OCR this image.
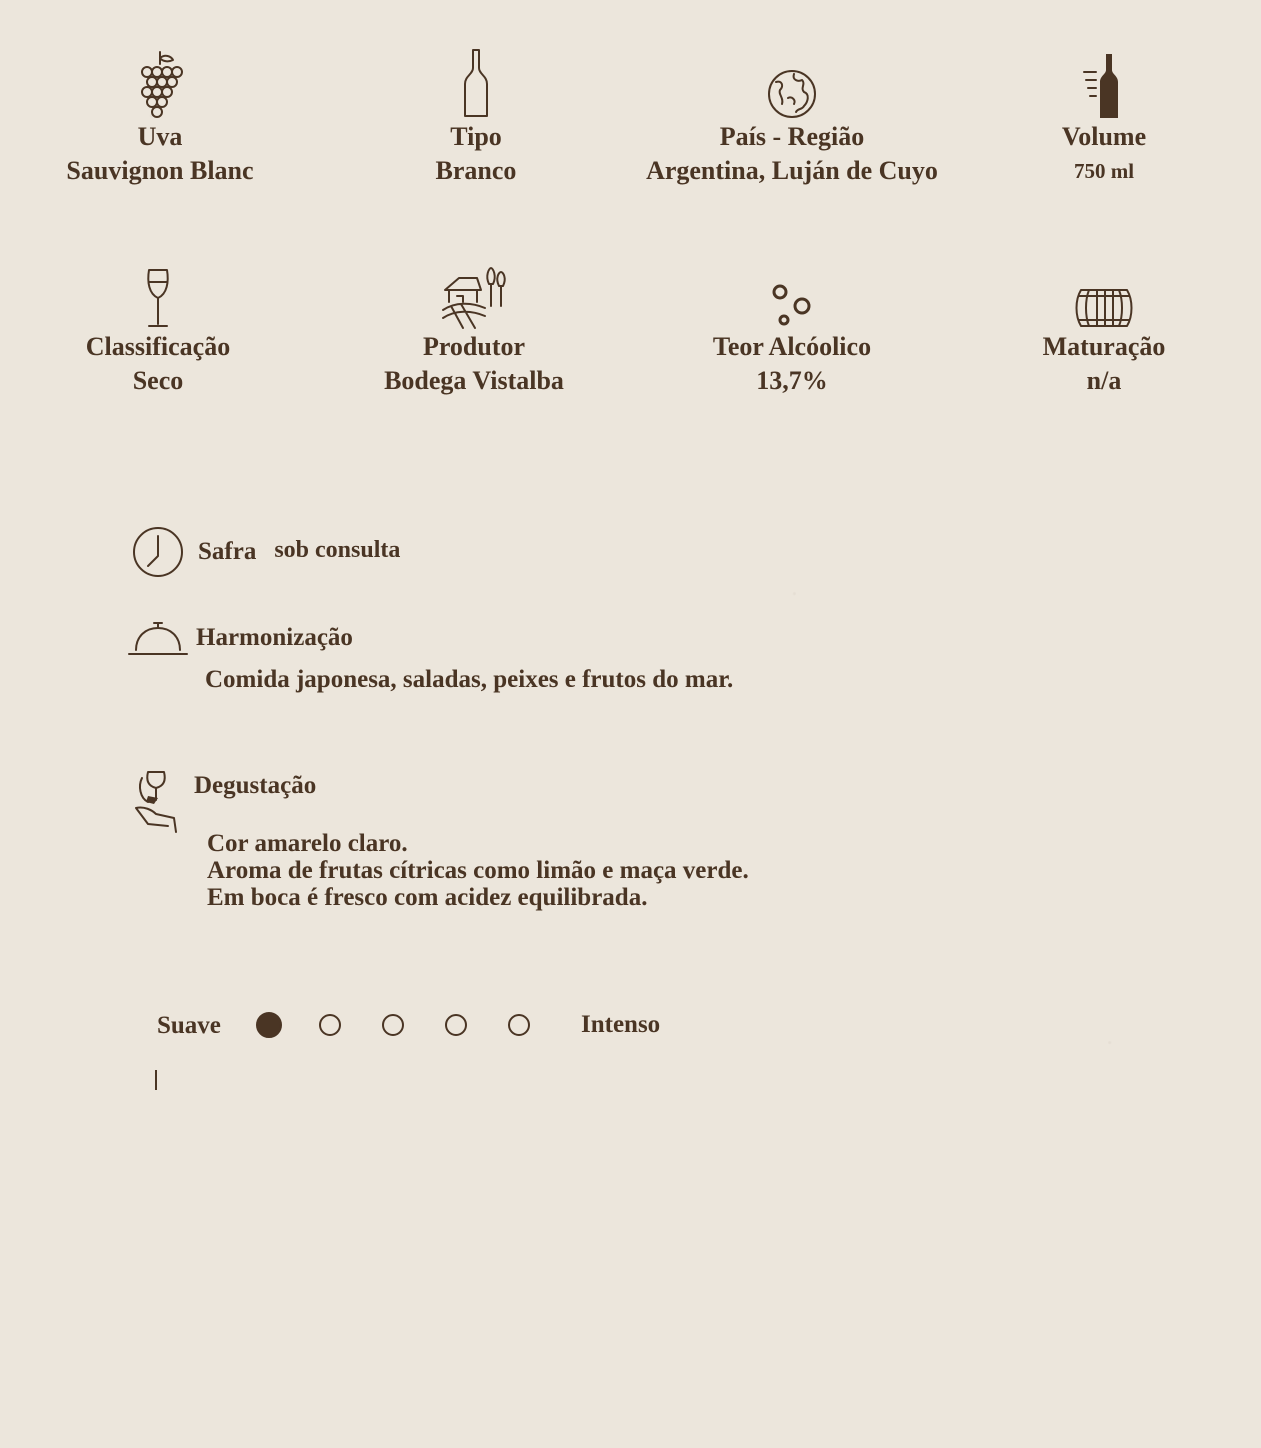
Uva
Sauvignon Blanc
Tipo
Branco
País - Região
Argentina, Luján de Cuyo
Volume
750 ml
Classificação
Seco
Produtor
Bodega Vistalba
Teor Alcóolico
13,7%
Maturação
n/a
Safra sob consulta
Harmonização
Comida japonesa, saladas, peixes e frutos do mar.
Degustação
Cor amarelo claro.
Aroma de frutas cítricas como limão e maça verde.
Em boca é fresco com acidez equilibrada.
Suave	Intenso
